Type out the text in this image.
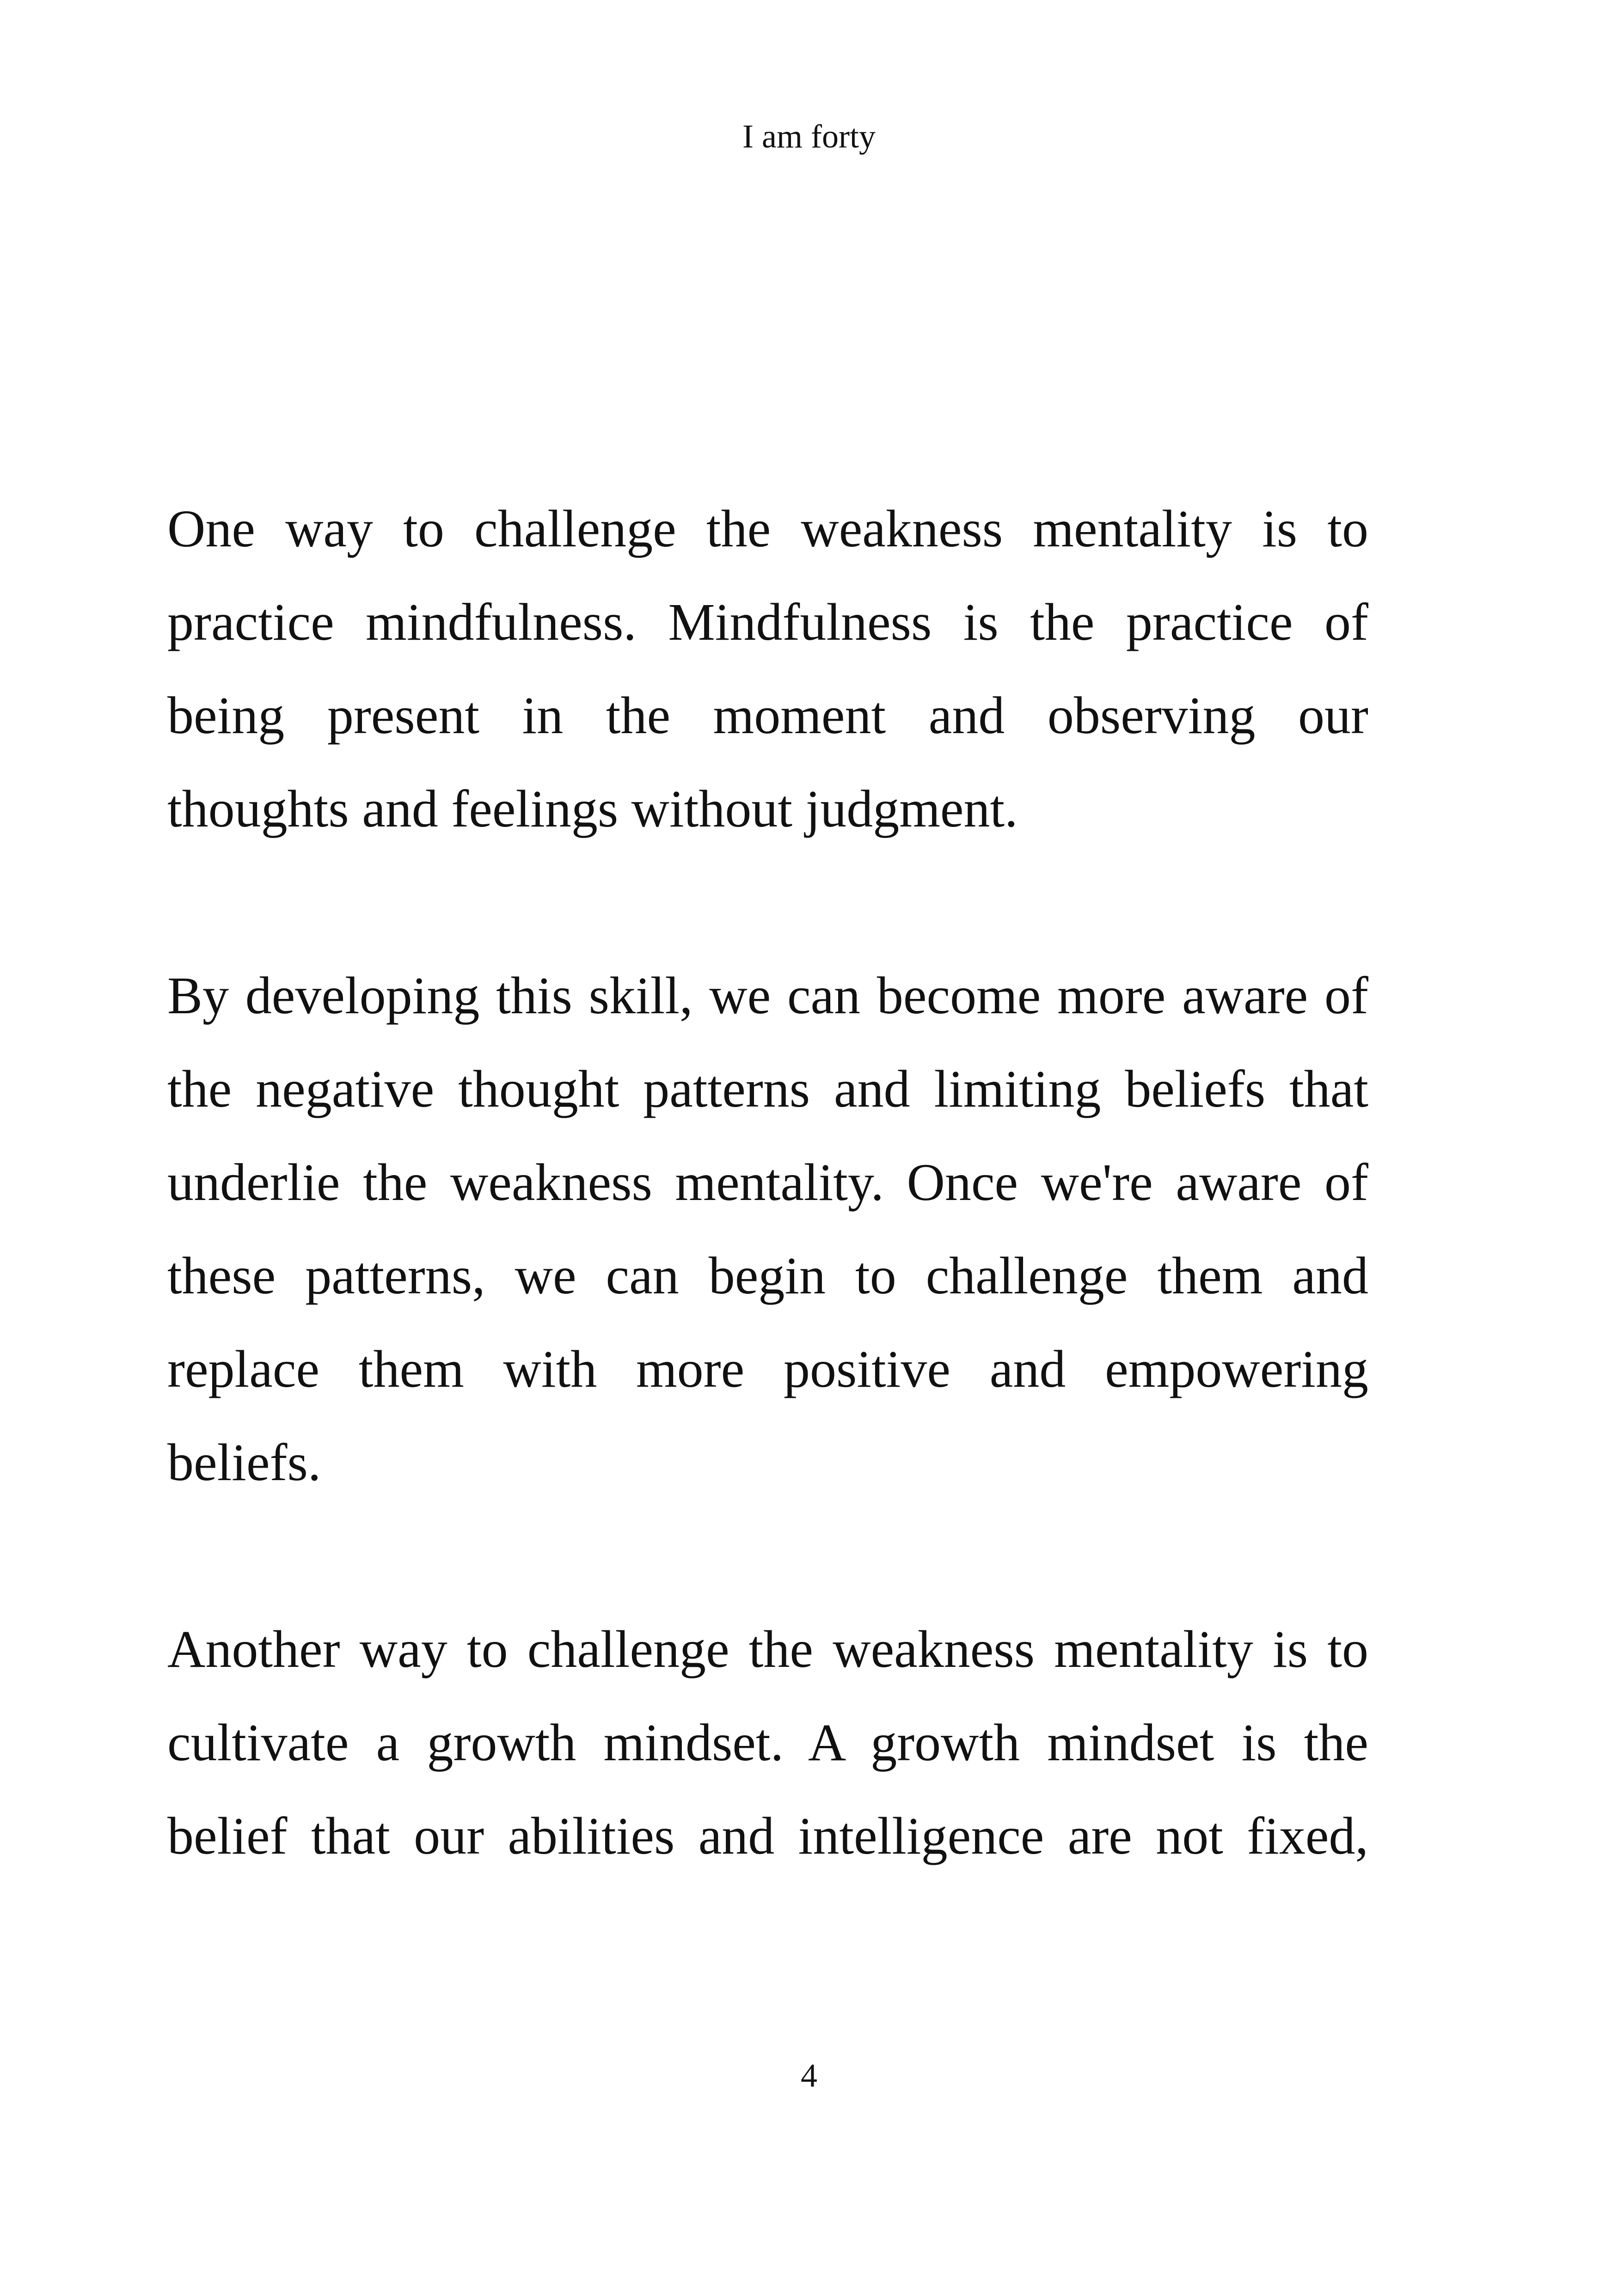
I am forty
One way to challenge the weakness mentality is to
practice mindfulness. Mindfulness is the practice of
being present in the moment and observing our
thoughts and feelings without judgment.
By developing this skill, we can become more aware of
the negative thought patterns and limiting beliefs that
underlie the weakness mentality. Once we're aware of
these patterns, we can begin to challenge them and
replace them with more positive and empowering
beliefs.
Another way to challenge the weakness mentality is to
cultivate a growth mindset. A growth mindset is the
belief that our abilities and intelligence are not fixed,
4
